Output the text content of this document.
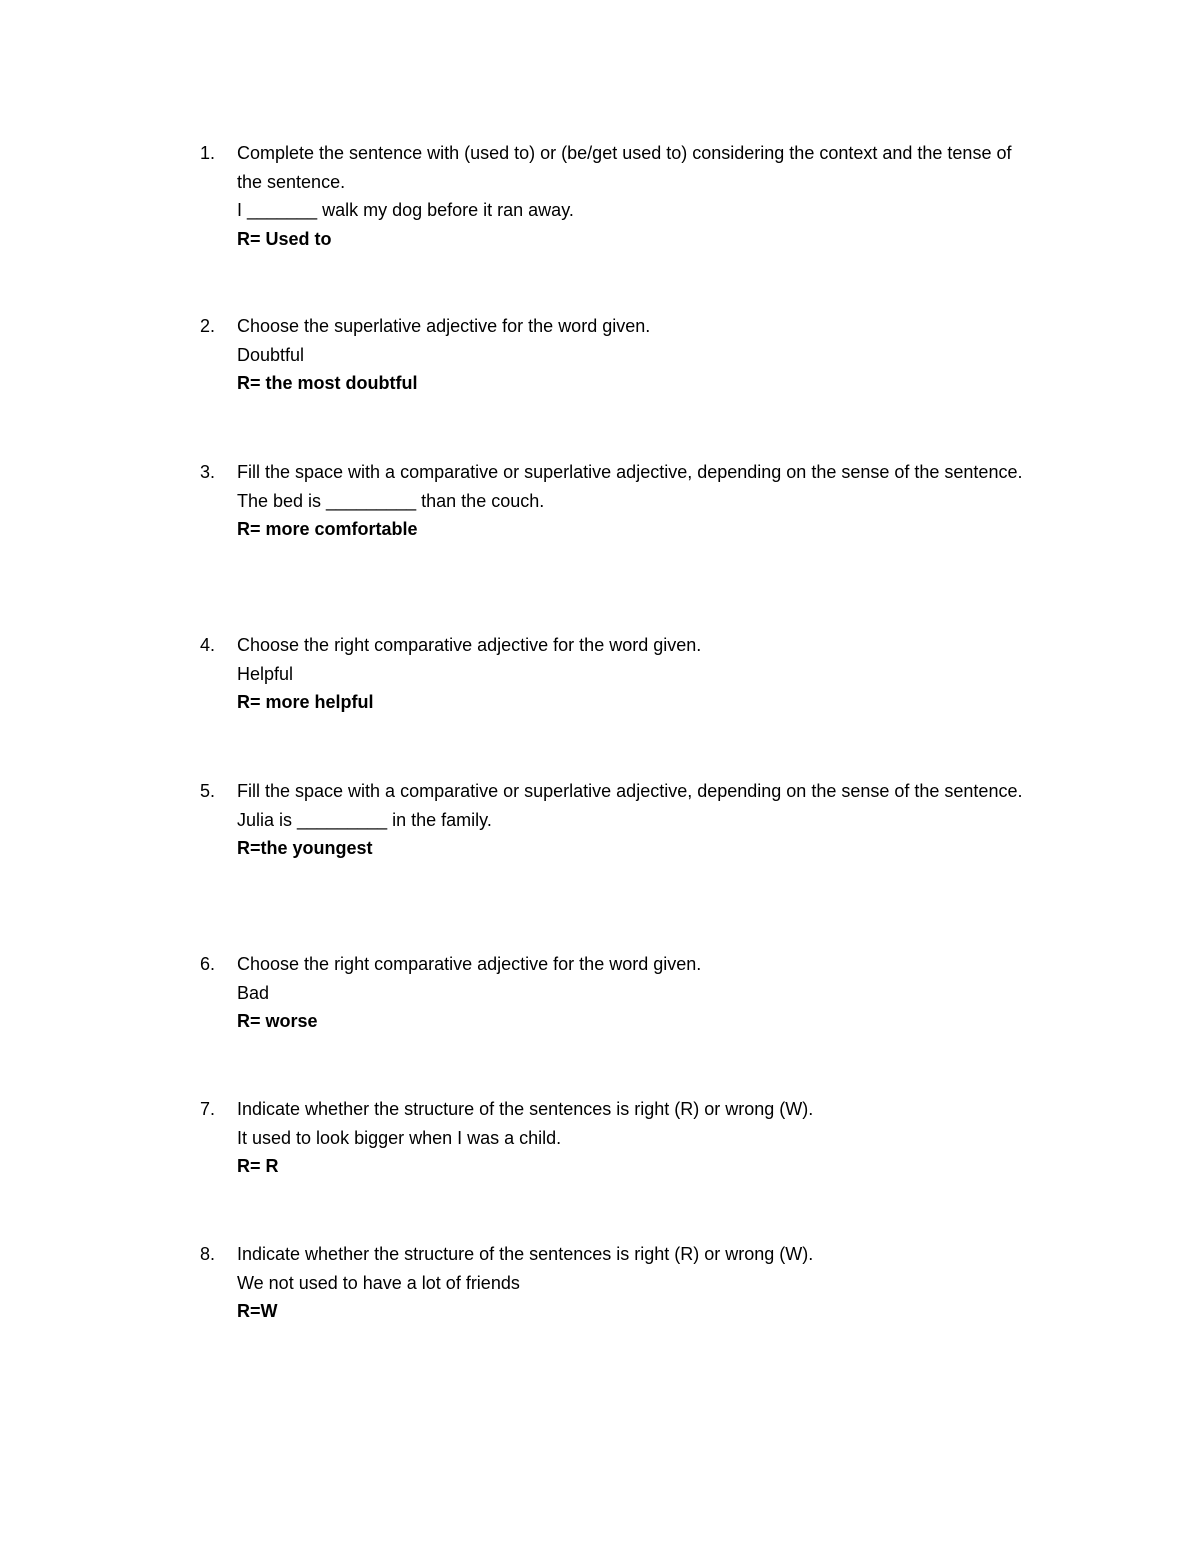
1. Complete the sentence with (used to) or (be/get used to) considering the context and the tense of the sentence.

I _______ walk my dog before it ran away.

R= Used to

2. Choose the superlative adjective for the word given.

Doubtful

R= the most doubtful

3. Fill the space with a comparative or superlative adjective, depending on the sense of the sentence.

The bed is _________ than the couch.

R= more comfortable

4. Choose the right comparative adjective for the word given.

Helpful

R= more helpful

5. Fill the space with a comparative or superlative adjective, depending on the sense of the sentence.

Julia is _________ in the family.

R=the youngest

6. Choose the right comparative adjective for the word given.

Bad

R= worse

7. Indicate whether the structure of the sentences is right (R) or wrong (W).

It used to look bigger when I was a child.

R= R

8. Indicate whether the structure of the sentences is right (R) or wrong (W).

We not used to have a lot of friends

R=W
